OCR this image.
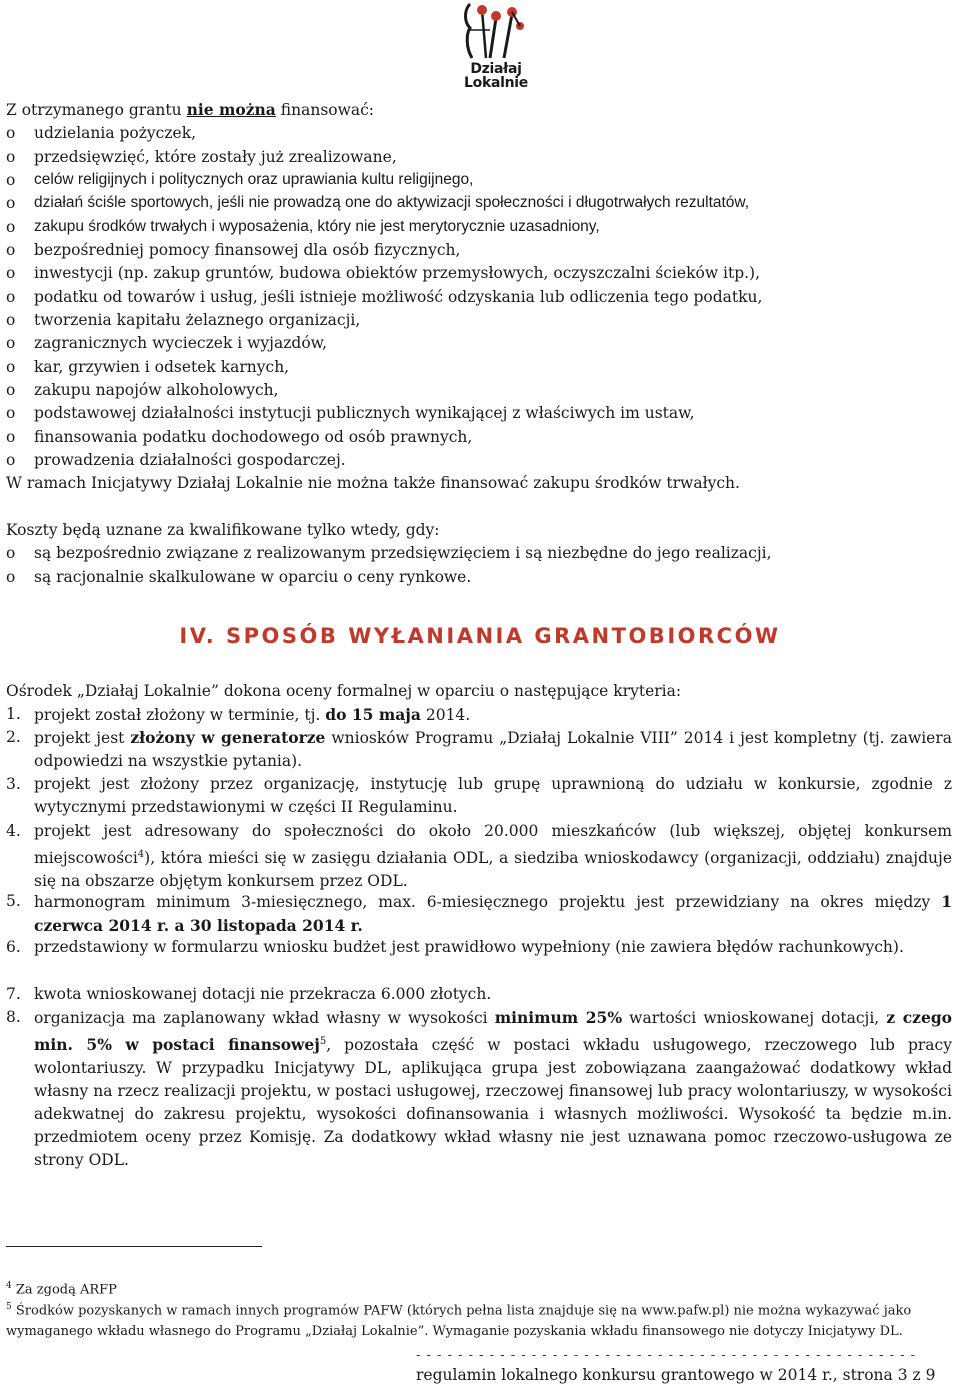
Działaj
Lokalnie
Z otrzymanego grantu nie można finansować:
o	udzielania pożyczek,
o	przedsięwzięć, które zostały już zrealizowane,
o	celów religijnych i politycznych oraz uprawiania kultu religijnego,
o	działań ściśle sportowych, jeśli nie prowadzą one do aktywizacji społeczności i długotrwałych rezultatów,
o	zakupu środków trwałych i wyposażenia, który nie jest merytorycznie uzasadniony,
o	bezpośredniej pomocy finansowej dla osób fizycznych,
o	inwestycji (np. zakup gruntów, budowa obiektów przemysłowych, oczyszczalni ścieków itp.),
o	podatku od towarów i usług, jeśli istnieje możliwość odzyskania lub odliczenia tego podatku,
o	tworzenia kapitału żelaznego organizacji,
o	zagranicznych wycieczek i wyjazdów,
o	kar, grzywien i odsetek karnych,
o	zakupu napojów alkoholowych,
o	podstawowej działalności instytucji publicznych wynikającej z właściwych im ustaw,
o	finansowania podatku dochodowego od osób prawnych,
o	prowadzenia działalności gospodarczej.
W ramach Inicjatywy Działaj Lokalnie nie można także finansować zakupu środków trwałych.
Koszty będą uznane za kwalifikowane tylko wtedy, gdy:
o	są bezpośrednio związane z realizowanym przedsięwzięciem i są niezbędne do jego realizacji,
o	są racjonalnie skalkulowane w oparciu o ceny rynkowe.
IV. SPOSÓB WYŁANIANIA GRANTOBIORCÓW
Ośrodek „Działaj Lokalnie” dokona oceny formalnej w oparciu o następujące kryteria:
1. projekt został złożony w terminie, tj. do 15 maja 2014.
2. projekt jest złożony w generatorze wniosków Programu „Działaj Lokalnie VIII” 2014 i jest kompletny (tj. zawiera odpowiedzi na wszystkie pytania).
3. projekt jest złożony przez organizację, instytucję lub grupę uprawnioną do udziału w konkursie, zgodnie z wytycznymi przedstawionymi w części II Regulaminu.
4. projekt jest adresowany do społeczności do około 20.000 mieszkańców (lub większej, objętej konkursem miejscowości$^4$), która mieści się w zasięgu działania ODL, a siedziba wnioskodawcy (organizacji, oddziału) znajduje się na obszarze objętym konkursem przez ODL.
5. harmonogram minimum 3-miesięcznego, max. 6-miesięcznego projektu jest przewidziany na okres między 1 czerwca 2014 r. a 30 listopada 2014 r.
6. przedstawiony w formularzu wniosku budżet jest prawidłowo wypełniony (nie zawiera błędów rachunkowych).
7. kwota wnioskowanej dotacji nie przekracza 6.000 złotych.
8. organizacja ma zaplanowany wkład własny w wysokości minimum 25% wartości wnioskowanej dotacji, z czego min. 5% w postaci finansowej$^5$, pozostała część w postaci wkładu usługowego, rzeczowego lub pracy wolontariuszy. W przypadku Inicjatywy DL, aplikująca grupa jest zobowiązana zaangażować dodatkowy wkład własny na rzecz realizacji projektu, w postaci usługowej, rzeczowej finansowej lub pracy wolontariuszy, w wysokości adekwatnej do zakresu projektu, wysokości dofinansowania i własnych możliwości. Wysokość ta będzie m.in. przedmiotem oceny przez Komisję. Za dodatkowy wkład własny nie jest uznawana pomoc rzeczowo-usługowa ze strony ODL.
$^4$ Za zgodą ARFP
$^5$ Środków pozyskanych w ramach innych programów PAFW (których pełna lista znajduje się na www.pafw.pl) nie można wykazywać jako wymaganego wkładu własnego do Programu „Działaj Lokalnie”. Wymaganie pozyskania wkładu finansowego nie dotyczy Inicjatywy DL.
- - - - - - - - - - - - - - - - - - - - - - - - - - - - - - - - - - - - - - - - - - - - - - - -
regulamin lokalnego konkursu grantowego w 2014 r., strona 3 z 9
